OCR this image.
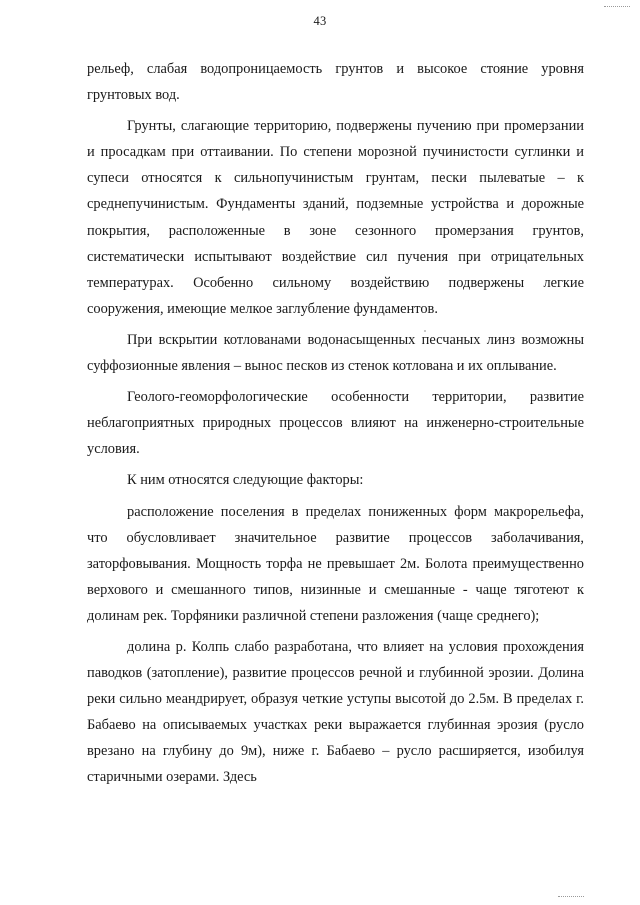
43

рельеф, слабая водопроницаемость грунтов и высокое стояние уровня грунтовых вод.

Грунты, слагающие территорию, подвержены пучению при промерзании и просадкам при оттаивании. По степени морозной пучинистости суглинки и супеси относятся к сильнопучинистым грунтам, пески пылеватые – к среднепучинистым. Фундаменты зданий, подземные устройства и дорожные покрытия, расположенные в зоне сезонного промерзания грунтов, систематически испытывают воздействие сил пучения при отрицательных температурах. Особенно сильному воздействию подвержены легкие сооружения, имеющие мелкое заглубление фундаментов.

При вскрытии котлованами водонасыщенных песчаных линз возможны суффозионные явления – вынос песков из стенок котлована и их оплывание.

Геолого-геоморфологические особенности территории, развитие неблагоприятных природных процессов влияют на инженерно-строительные условия.

К ним относятся следующие факторы:

расположение поселения в пределах пониженных форм макрорельефа, что обусловливает значительное развитие процессов заболачивания, заторфовывания. Мощность торфа не превышает 2м. Болота преимущественно верхового и смешанного типов, низинные и смешанные - чаще тяготеют к долинам рек. Торфяники различной степени разложения (чаще среднего);

долина р. Колпь слабо разработана, что влияет на условия прохождения паводков (затопление), развитие процессов речной и глубинной эрозии. Долина реки сильно меандрирует, образуя четкие уступы высотой до 2.5м. В пределах г. Бабаево на описываемых участках реки выражается глубинная эрозия (русло врезано на глубину до 9м), ниже г. Бабаево – русло расширяется, изобилуя старичными озерами. Здесь
